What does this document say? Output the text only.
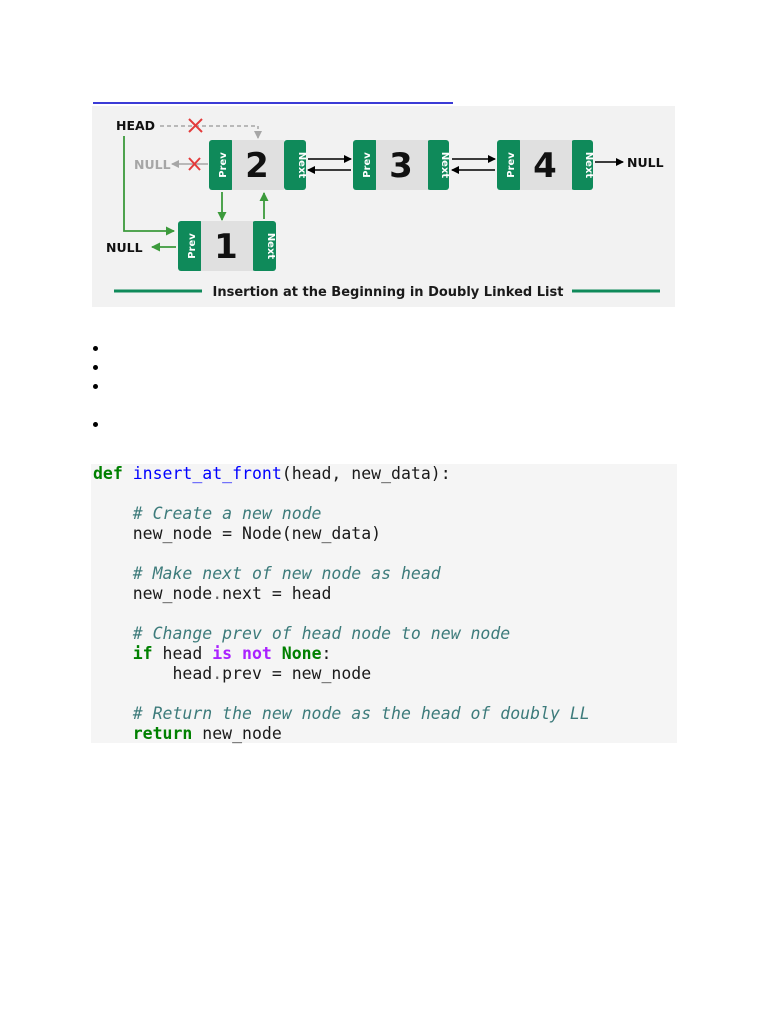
HEAD
NULL	Prev 2	Next	Prev 3	Next	Prev 4	Next	NULL
Prev 1	Next
NULL
Insertion at the Beginning in Doubly Linked List
def insert_at_front(head, new_data):

# Create a new node
new_node = Node(new_data)

# Make next of new node as head
new_node.next = head

# Change prev of head node to new node
if head is not None:
head.prev = new_node

# Return the new node as the head of doubly LL
return new_node
